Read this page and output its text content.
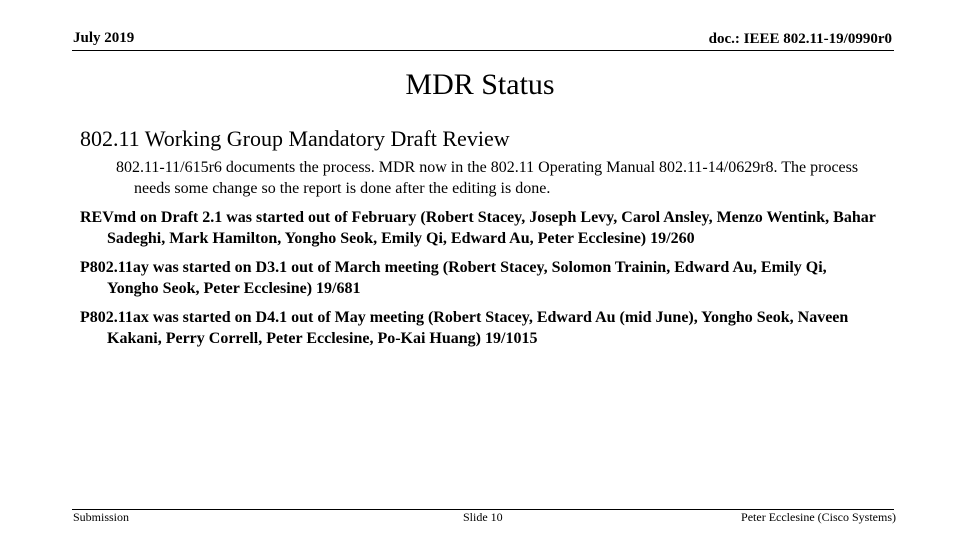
July 2019	doc.: IEEE 802.11-19/0990r0
MDR Status

802.11 Working Group Mandatory Draft Review

802.11-11/615r6 documents the process. MDR now in the 802.11 Operating Manual 802.11-14/0629r8. The process needs some change so the report is done after the editing is done.

REVmd on Draft 2.1 was started out of February (Robert Stacey, Joseph Levy, Carol Ansley, Menzo Wentink, Bahar Sadeghi, Mark Hamilton, Yongho Seok, Emily Qi, Edward Au, Peter Ecclesine) 19/260

P802.11ay was started on D3.1 out of March meeting (Robert Stacey, Solomon Trainin, Edward Au, Emily Qi, Yongho Seok, Peter Ecclesine) 19/681

P802.11ax was started on D4.1 out of May meeting (Robert Stacey, Edward Au (mid June), Yongho Seok, Naveen Kakani, Perry Correll, Peter Ecclesine, Po-Kai Huang) 19/1015

Submission	Slide 10	Peter Ecclesine (Cisco Systems)
